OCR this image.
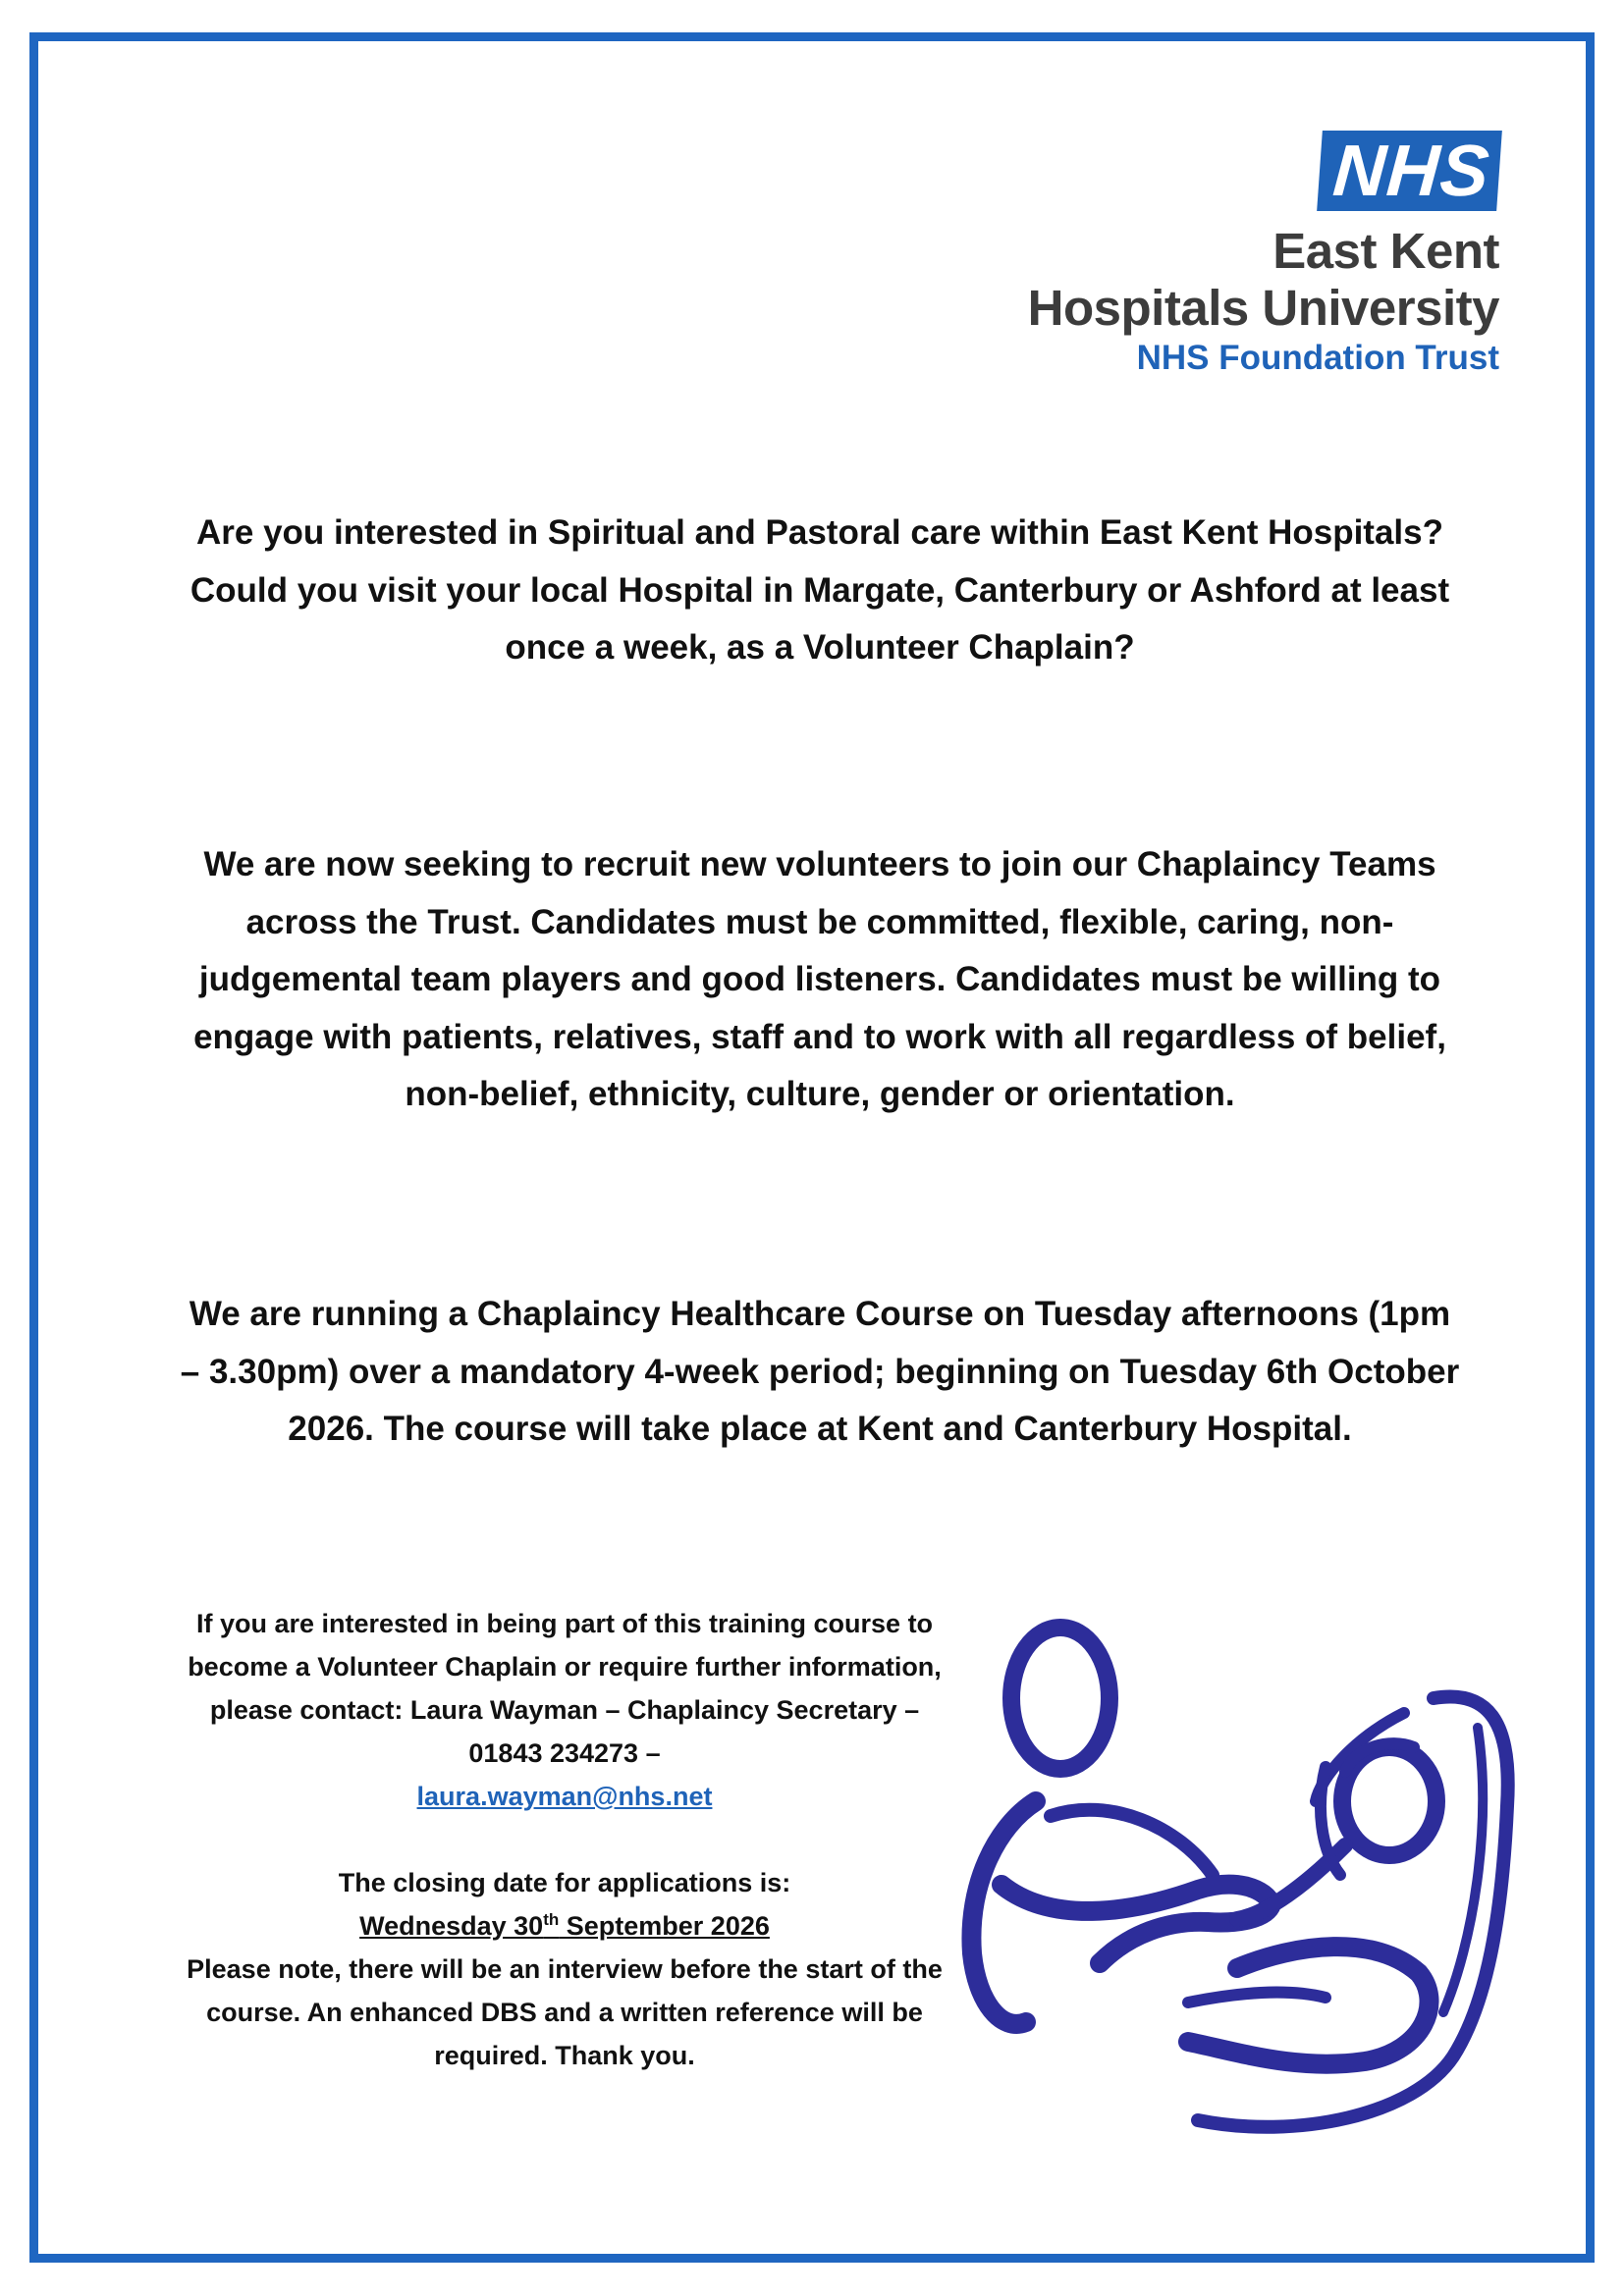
NHS
East Kent
Hospitals University
NHS Foundation Trust

Are you interested in Spiritual and Pastoral care within East Kent Hospitals? Could you visit your local Hospital in Margate, Canterbury or Ashford at least once a week, as a Volunteer Chaplain?

We are now seeking to recruit new volunteers to join our Chaplaincy Teams across the Trust. Candidates must be committed, flexible, caring, non-judgemental team players and good listeners. Candidates must be willing to engage with patients, relatives, staff and to work with all regardless of belief, non-belief, ethnicity, culture, gender or orientation.

We are running a Chaplaincy Healthcare Course on Tuesday afternoons (1pm – 3.30pm) over a mandatory 4-week period; beginning on Tuesday 6th October 2026. The course will take place at Kent and Canterbury Hospital.

If you are interested in being part of this training course to become a Volunteer Chaplain or require further information, please contact: Laura Wayman – Chaplaincy Secretary – 01843 234273 –
laura.wayman@nhs.net
The closing date for applications is:
Wednesday 30th September 2026
Please note, there will be an interview before the start of the course. An enhanced DBS and a written reference will be required. Thank you.
